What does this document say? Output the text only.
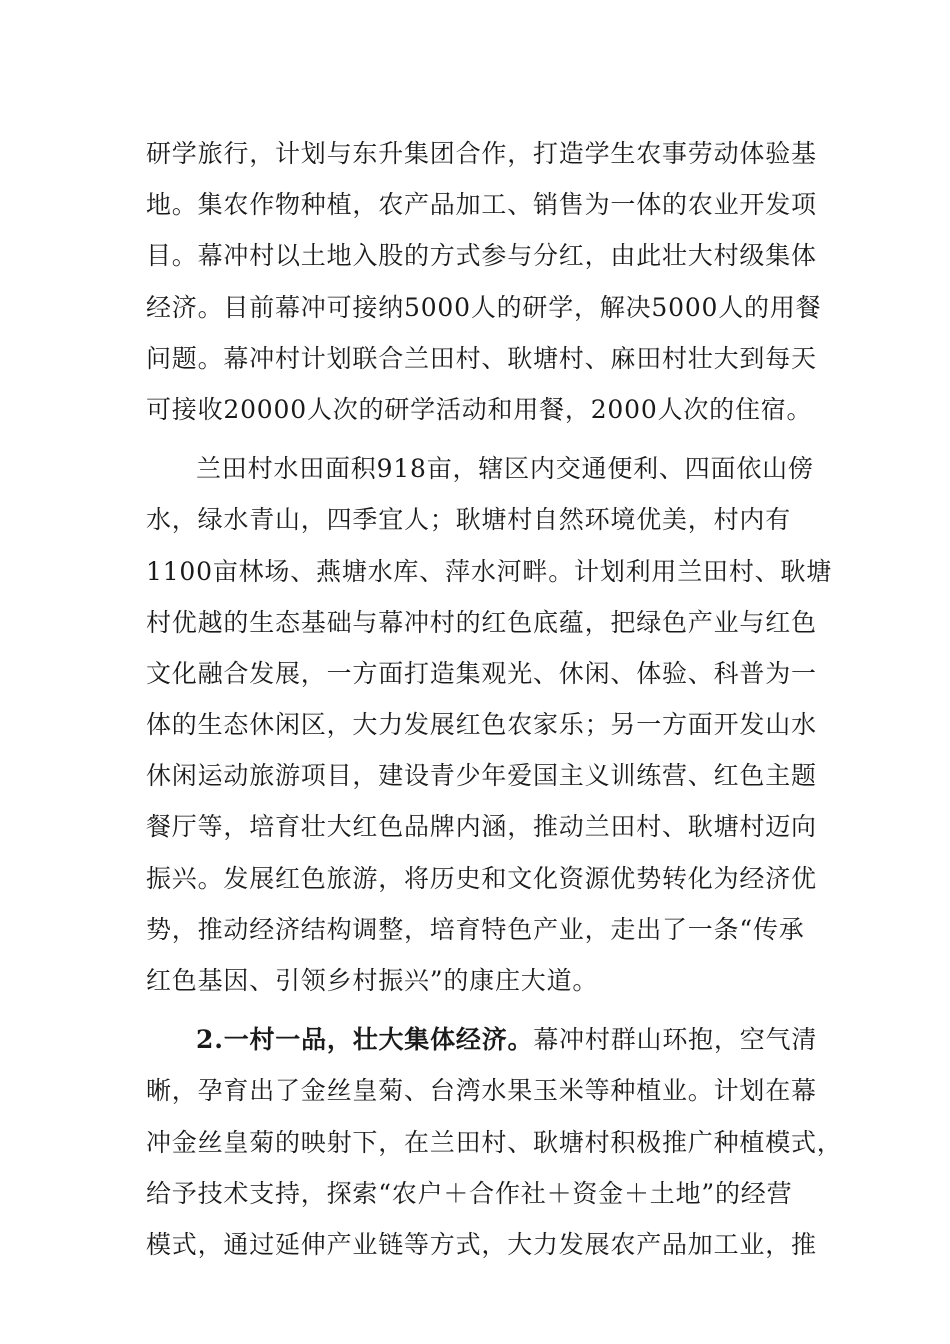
研学旅行，计划与东升集团合作，打造学生农事劳动体验基
地。集农作物种植，农产品加工、销售为一体的农业开发项
目。幕冲村以土地入股的方式参与分红，由此壮大村级集体
经济。目前幕冲可接纳5000人的研学，解决5000人的用餐
问题。幕冲村计划联合兰田村、耿塘村、麻田村壮大到每天
可接收20000人次的研学活动和用餐，2000人次的住宿。
兰田村水田面积918亩，辖区内交通便利、四面依山傍
水，绿水青山，四季宜人；耿塘村自然环境优美，村内有
1100亩林场、燕塘水库、萍水河畔。计划利用兰田村、耿塘
村优越的生态基础与幕冲村的红色底蕴，把绿色产业与红色
文化融合发展，一方面打造集观光、休闲、体验、科普为一
体的生态休闲区，大力发展红色农家乐；另一方面开发山水
休闲运动旅游项目，建设青少年爱国主义训练营、红色主题
餐厅等，培育壮大红色品牌内涵，推动兰田村、耿塘村迈向
振兴。发展红色旅游，将历史和文化资源优势转化为经济优
势，推动经济结构调整，培育特色产业，走出了一条“传承
红色基因、引领乡村振兴”的康庄大道。
2.一村一品，壮大集体经济。幕冲村群山环抱，空气清
晰，孕育出了金丝皇菊、台湾水果玉米等种植业。计划在幕
冲金丝皇菊的映射下，在兰田村、耿塘村积极推广种植模式，
给予技术支持，探索“农户＋合作社＋资金＋土地”的经营
模式，通过延伸产业链等方式，大力发展农产品加工业，推
